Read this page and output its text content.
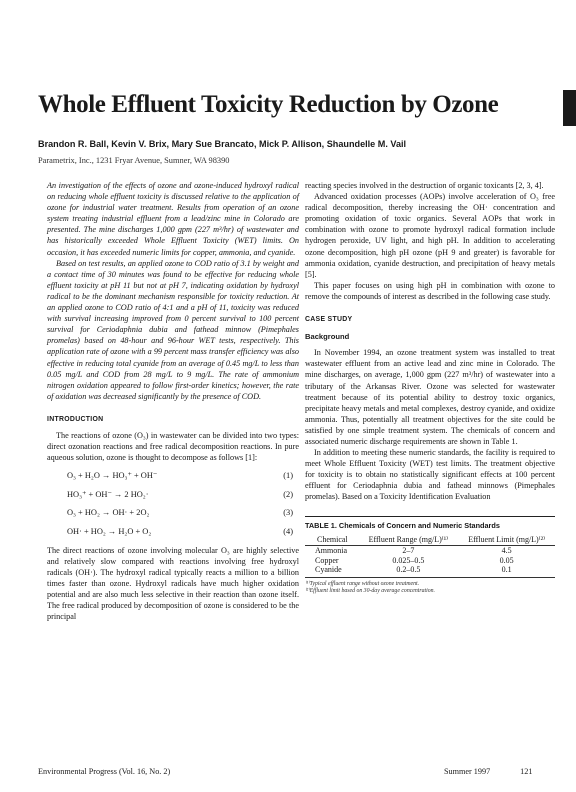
Whole Effluent Toxicity Reduction by Ozone

Brandon R. Ball, Kevin V. Brix, Mary Sue Brancato, Mick P. Allison, Shaundelle M. Vail

Parametrix, Inc., 1231 Fryar Avenue, Sumner, WA 98390

An investigation of the effects of ozone and ozone-induced hydroxyl radical on reducing whole effluent toxicity is discussed relative to the application of ozone for industrial water treatment. Results from operation of an ozone system treating industrial effluent from a lead/zinc mine in Colorado are presented. The mine discharges 1,000 gpm (227 m³/hr) of wastewater and has historically exceeded Whole Effluent Toxicity (WET) limits. On occasion, it has exceeded numeric limits for copper, ammonia, and cyanide.

Based on test results, an applied ozone to COD ratio of 3.1 by weight and a contact time of 30 minutes was found to be effective for reducing whole effluent toxicity at pH 11 but not at pH 7, indicating oxidation by hydroxyl radical to be the dominant mechanism responsible for toxicity reduction. At an applied ozone to COD ratio of 4:1 and a pH of 11, toxicity was reduced with survival increasing improved from 0 percent survival to 100 percent survival for Ceriodaphnia dubia and fathead minnow (Pimephales promelas) based on 48-hour and 96-hour WET tests, respectively. This application rate of ozone with a 99 percent mass transfer efficiency was also effective in reducing total cyanide from an average of 0.45 mg/L to less than 0.05 mg/L and COD from 28 mg/L to 9 mg/L. The rate of ammonium nitrogen oxidation appeared to follow first-order kinetics; however, the rate of oxidation was decreased significantly by the presence of COD.

INTRODUCTION

The reactions of ozone (O₃) in wastewater can be divided into two types: direct ozonation reactions and free radical decomposition reactions. In pure aqueous solution, ozone is thought to decompose as follows [1]:

O₃ + H₂O → HO₃⁺ + OH⁻	(1)
HO₃⁺ + OH⁻ → 2 HO₂·	(2)
O₃ + HO₂ → OH· + 2O₂	(3)
OH· + HO₂ → H₂O + O₂	(4)

The direct reactions of ozone involving molecular O₃ are highly selective and relatively slow compared with reactions involving free hydroxyl radicals (OH·). The hydroxyl radical typically reacts a million to a billion times faster than ozone. Hydroxyl radicals have much higher oxidation potential and are also much less selective in their reaction than ozone itself. The free radical produced by decomposition of ozone is considered to be the principal

reacting species involved in the destruction of organic toxicants [2, 3, 4].

Advanced oxidation processes (AOPs) involve acceleration of O₃ free radical decomposition, thereby increasing the OH· concentration and promoting oxidation of toxic organics. Several AOPs that work in combination with ozone to promote hydroxyl radical formation include hydrogen peroxide, UV light, and high pH. In addition to accelerating ozone decomposition, high pH ozone (pH 9 and greater) is favorable for ammonia oxidation, cyanide destruction, and precipitation of heavy metals [5].

This paper focuses on using high pH in combination with ozone to remove the compounds of interest as described in the following case study.

CASE STUDY
Background

In November 1994, an ozone treatment system was installed to treat wastewater effluent from an active lead and zinc mine in Colorado. The mine discharges, on average, 1,000 gpm (227 m³/hr) of wastewater into a tributary of the Arkansas River. Ozone was selected for wastewater treatment because of its potential ability to destroy toxic organics, precipitate heavy metals and metal complexes, destroy cyanide, and oxidize ammonia. Thus, potentially all treatment objectives for the site could be satisfied by one simple treatment system. The chemicals of concern and associated numeric discharge requirements are shown in Table 1.

In addition to meeting these numeric standards, the facility is required to meet Whole Effluent Toxicity (WET) test limits. The treatment objective for toxicity is to obtain no statistically significant effects at 100 percent effluent for Ceriodaphnia dubia and fathead minnows (Pimephales promelas). Based on a Toxicity Identification Evaluation

TABLE 1. Chemicals of Concern and Numeric Standards
Chemical	Effluent Range (mg/L)⁽¹⁾	Effluent Limit (mg/L)⁽²⁾
Ammonia	2–7	4.5
Copper	0.025–0.5	0.05
Cyanide	0.2–0.5	0.1
⁽¹⁾Typical effluent range without ozone treatment.
⁽²⁾Effluent limit based on 30-day average concentration.
Environmental Progress (Vol. 16, No. 2)	Summer 1997	121
